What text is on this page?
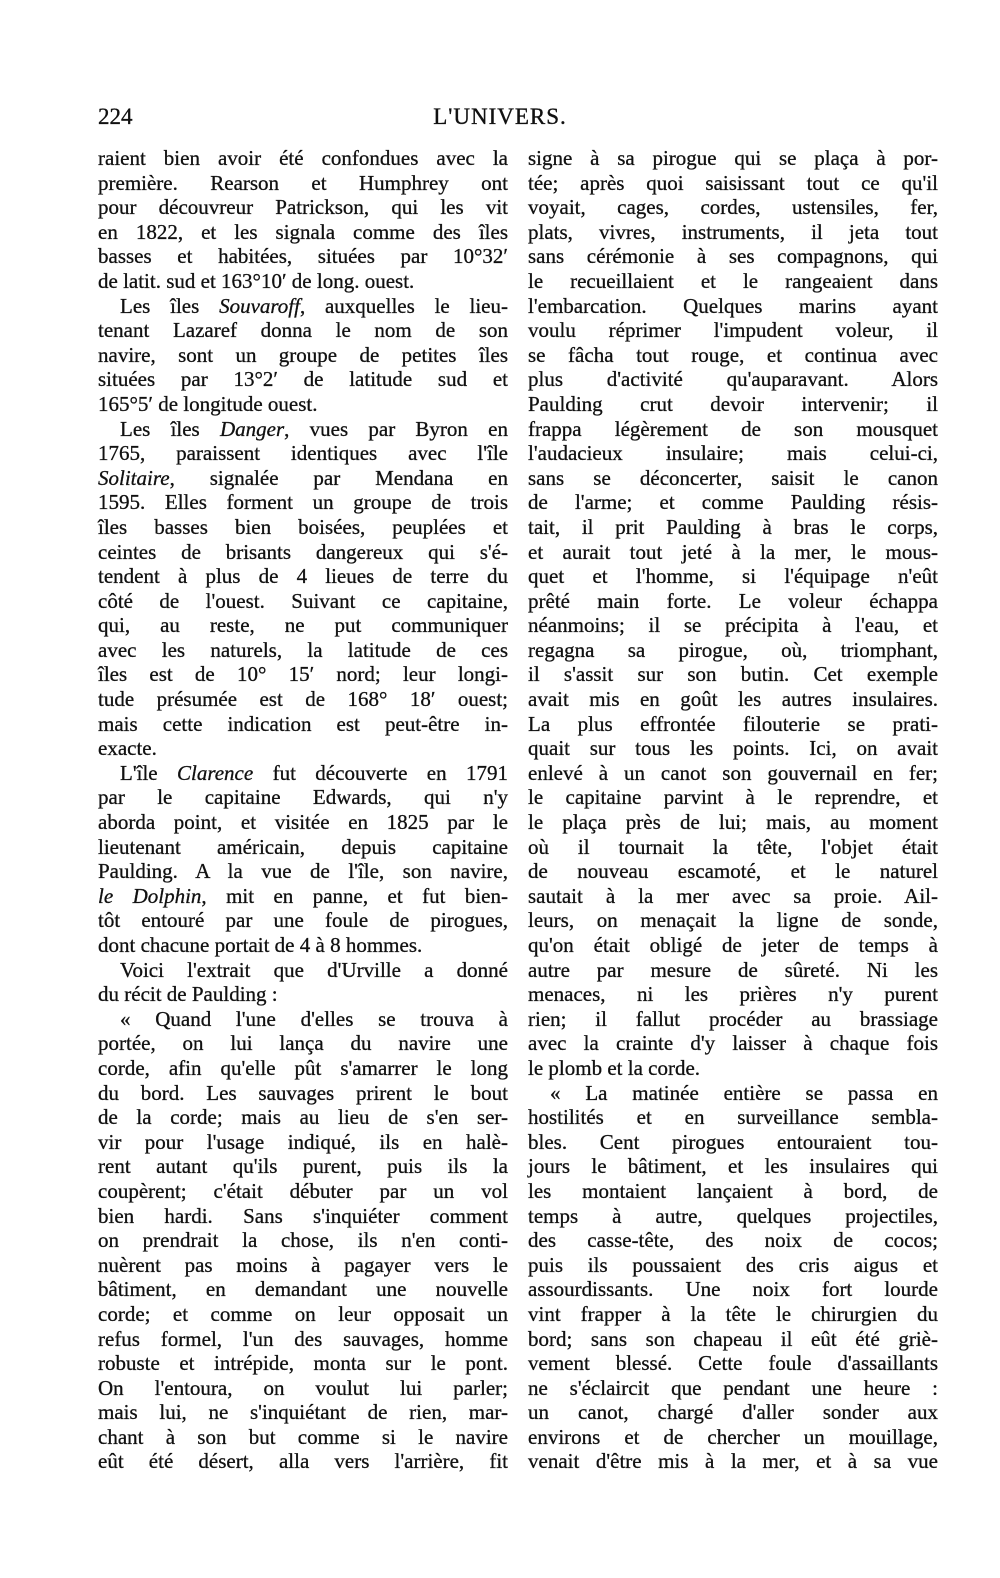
224	L'UNIVERS.
raient bien avoir été confondues avec la
première. Rearson et Humphrey ont
pour découvreur Patrickson, qui les vit
en 1822, et les signala comme des îles
basses et habitées, situées par 10°32′
de latit. sud et 163°10′ de long. ouest.
Les îles Souvaroff, auxquelles le lieu-
tenant Lazaref donna le nom de son
navire, sont un groupe de petites îles
situées par 13°2′ de latitude sud et
165°5′ de longitude ouest.
Les îles Danger, vues par Byron en
1765, paraissent identiques avec l'île
Solitaire, signalée par Mendana en
1595. Elles forment un groupe de trois
îles basses bien boisées, peuplées et
ceintes de brisants dangereux qui s'é-
tendent à plus de 4 lieues de terre du
côté de l'ouest. Suivant ce capitaine,
qui, au reste, ne put communiquer
avec les naturels, la latitude de ces
îles est de 10° 15′ nord; leur longi-
tude présumée est de 168° 18′ ouest;
mais cette indication est peut-être in-
exacte.
L'île Clarence fut découverte en 1791
par le capitaine Edwards, qui n'y
aborda point, et visitée en 1825 par le
lieutenant américain, depuis capitaine
Paulding. A la vue de l'île, son navire,
le Dolphin, mit en panne, et fut bien-
tôt entouré par une foule de pirogues,
dont chacune portait de 4 à 8 hommes.
Voici l'extrait que d'Urville a donné
du récit de Paulding :
« Quand l'une d'elles se trouva à
portée, on lui lança du navire une
corde, afin qu'elle pût s'amarrer le long
du bord. Les sauvages prirent le bout
de la corde; mais au lieu de s'en ser-
vir pour l'usage indiqué, ils en halè-
rent autant qu'ils purent, puis ils la
coupèrent; c'était débuter par un vol
bien hardi. Sans s'inquiéter comment
on prendrait la chose, ils n'en conti-
nuèrent pas moins à pagayer vers le
bâtiment, en demandant une nouvelle
corde; et comme on leur opposait un
refus formel, l'un des sauvages, homme
robuste et intrépide, monta sur le pont.
On l'entoura, on voulut lui parler;
mais lui, ne s'inquiétant de rien, mar-
chant à son but comme si le navire
eût été désert, alla vers l'arrière, fit
signe à sa pirogue qui se plaça à por-
tée; après quoi saisissant tout ce qu'il
voyait, cages, cordes, ustensiles, fer,
plats, vivres, instruments, il jeta tout
sans cérémonie à ses compagnons, qui
le recueillaient et le rangeaient dans
l'embarcation. Quelques marins ayant
voulu réprimer l'impudent voleur, il
se fâcha tout rouge, et continua avec
plus d'activité qu'auparavant. Alors
Paulding crut devoir intervenir; il
frappa légèrement de son mousquet
l'audacieux insulaire; mais celui-ci,
sans se déconcerter, saisit le canon
de l'arme; et comme Paulding résis-
tait, il prit Paulding à bras le corps,
et aurait tout jeté à la mer, le mous-
quet et l'homme, si l'équipage n'eût
prêté main forte. Le voleur échappa
néanmoins; il se précipita à l'eau, et
regagna sa pirogue, où, triomphant,
il s'assit sur son butin. Cet exemple
avait mis en goût les autres insulaires.
La plus effrontée filouterie se prati-
quait sur tous les points. Ici, on avait
enlevé à un canot son gouvernail en fer;
le capitaine parvint à le reprendre, et
le plaça près de lui; mais, au moment
où il tournait la tête, l'objet était
de nouveau escamoté, et le naturel
sautait à la mer avec sa proie. Ail-
leurs, on menaçait la ligne de sonde,
qu'on était obligé de jeter de temps à
autre par mesure de sûreté. Ni les
menaces, ni les prières n'y purent
rien; il fallut procéder au brassiage
avec la crainte d'y laisser à chaque fois
le plomb et la corde.
« La matinée entière se passa en
hostilités et en surveillance sembla-
bles. Cent pirogues entouraient tou-
jours le bâtiment, et les insulaires qui
les montaient lançaient à bord, de
temps à autre, quelques projectiles,
des casse-tête, des noix de cocos;
puis ils poussaient des cris aigus et
assourdissants. Une noix fort lourde
vint frapper à la tête le chirurgien du
bord; sans son chapeau il eût été griè-
vement blessé. Cette foule d'assaillants
ne s'éclaircit que pendant une heure :
un canot, chargé d'aller sonder aux
environs et de chercher un mouillage,
venait d'être mis à la mer, et à sa vue
